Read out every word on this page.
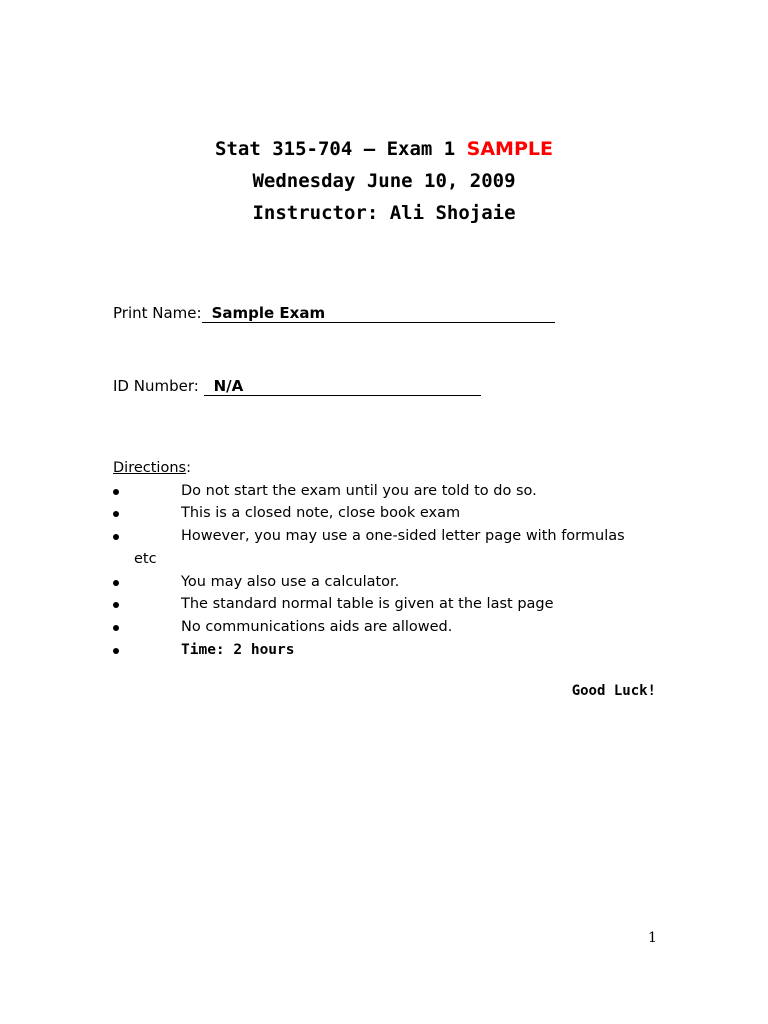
Stat 315-704 – Exam 1 SAMPLE
Wednesday June 10, 2009
Instructor: Ali Shojaie
Print Name: Sample Exam
ID Number: N/A
Directions:
Do not start the exam until you are told to do so.
This is a closed note, close book exam
However, you may use a one-sided letter page with formulas
etc
You may also use a calculator.
The standard normal table is given at the last page
No communications aids are allowed.
Time: 2 hours
Good Luck!
1
